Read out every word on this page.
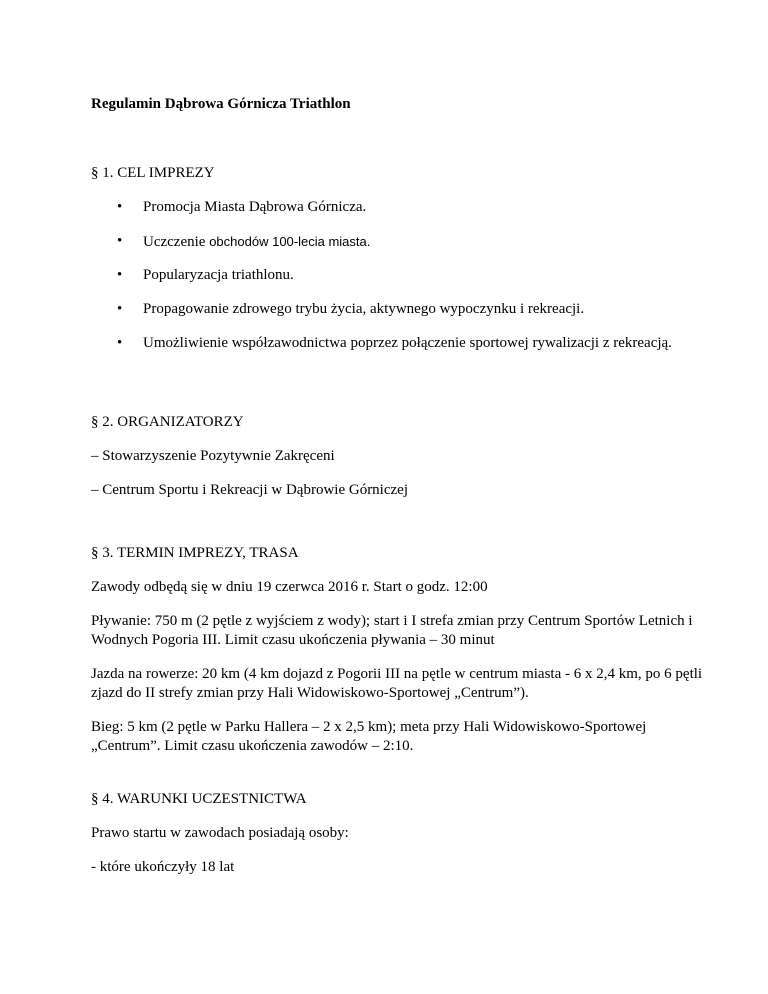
Regulamin Dąbrowa Górnicza Triathlon
§ 1. CEL IMPREZY
• Promocja Miasta Dąbrowa Górnicza.
• Uczczenie obchodów 100-lecia miasta.
• Popularyzacja triathlonu.
• Propagowanie zdrowego trybu życia, aktywnego wypoczynku i rekreacji.
• Umożliwienie współzawodnictwa poprzez połączenie sportowej rywalizacji z rekreacją.
§ 2. ORGANIZATORZY
– Stowarzyszenie Pozytywnie Zakręceni
– Centrum Sportu i Rekreacji w Dąbrowie Górniczej
§ 3. TERMIN IMPREZY, TRASA
Zawody odbędą się w dniu 19 czerwca 2016 r. Start o godz. 12:00
Pływanie: 750 m (2 pętle z wyjściem z wody); start i I strefa zmian przy Centrum Sportów Letnich i Wodnych Pogoria III. Limit czasu ukończenia pływania – 30 minut
Jazda na rowerze: 20 km (4 km dojazd z Pogorii III na pętle w centrum miasta - 6 x 2,4 km, po 6 pętli zjazd do II strefy zmian przy Hali Widowiskowo-Sportowej „Centrum”).
Bieg: 5 km (2 pętle w Parku Hallera – 2 x 2,5 km); meta przy Hali Widowiskowo-Sportowej „Centrum”. Limit czasu ukończenia zawodów – 2:10.
§ 4. WARUNKI UCZESTNICTWA
Prawo startu w zawodach posiadają osoby:
- które ukończyły 18 lat
